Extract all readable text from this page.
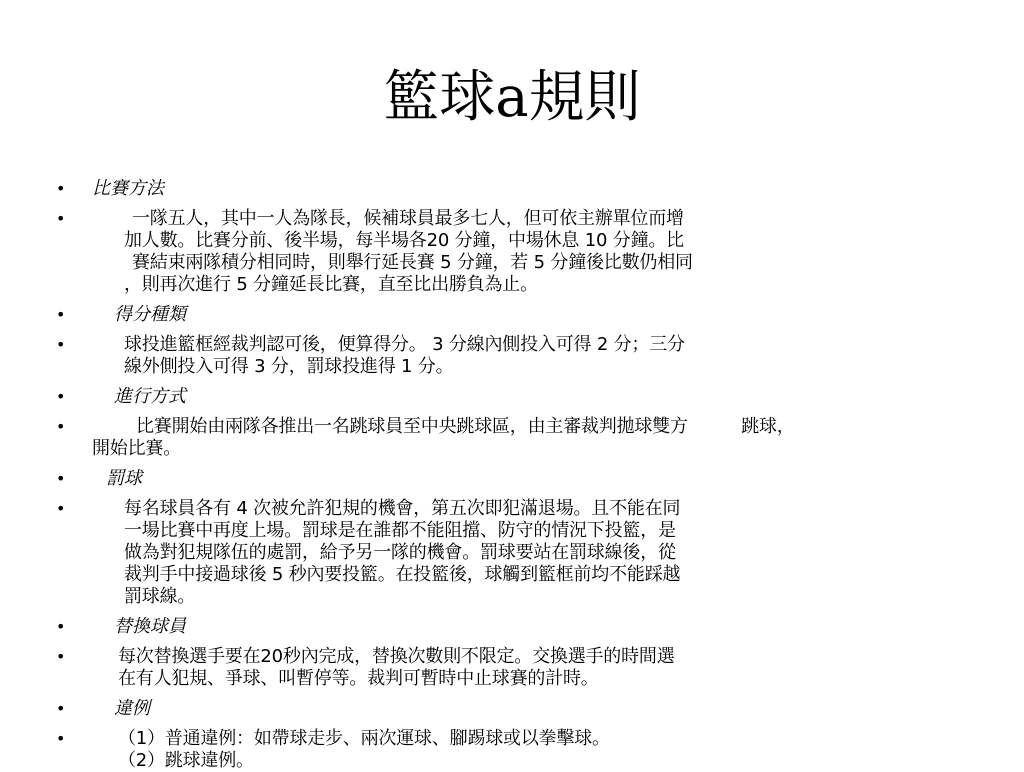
籃球a規則
•	比賽方法
•	一隊五人，其中一人為隊長，候補球員最多七人，但可依主辦單位而增
加人數。比賽分前、後半場，每半場各20 分鐘，中場休息 10 分鐘。比
賽結束兩隊積分相同時，則舉行延長賽 5 分鐘，若 5 分鐘後比數仍相同
，則再次進行 5 分鐘延長比賽，直至比出勝負為止。
•	得分種類
•	球投進籃框經裁判認可後，便算得分。 3 分線內側投入可得 2 分；三分
線外側投入可得 3 分，罰球投進得 1 分。
•	進行方式
•	比賽開始由兩隊各推出一名跳球員至中央跳球區，由主審裁判拋球雙方　　　跳球，
開始比賽。
•	罰球
•	每名球員各有 4 次被允許犯規的機會，第五次即犯滿退場。且不能在同
一場比賽中再度上場。罰球是在誰都不能阻擋、防守的情況下投籃，是
做為對犯規隊伍的處罰，給予另一隊的機會。罰球要站在罰球線後，從
裁判手中接過球後 5 秒內要投籃。在投籃後，球觸到籃框前均不能踩越
罰球線。
•	替換球員
•	每次替換選手要在20秒內完成，替換次數則不限定。交換選手的時間選
在有人犯規、爭球、叫暫停等。裁判可暫時中止球賽的計時。
•	違例
•	（1）普通違例：如帶球走步、兩次運球、腳踢球或以拳擊球。
（2）跳球違例。
